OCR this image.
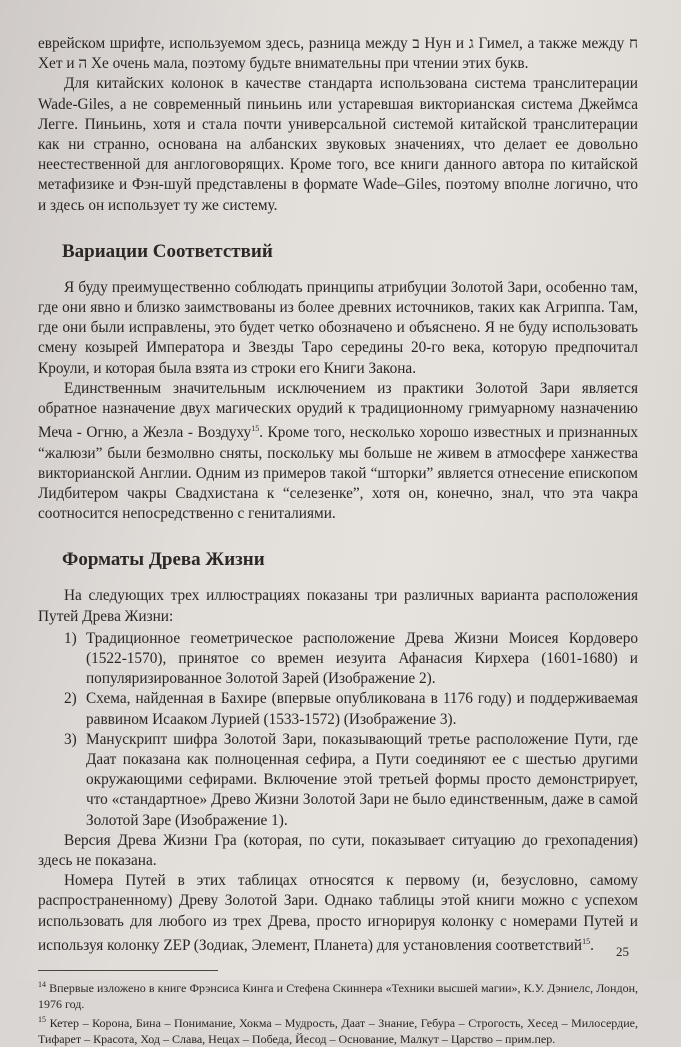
еврейском шрифте, используемом здесь, разница между ב Нун и ג Гимел, а также между ח Хет и ה Хе очень мала, поэтому будьте внимательны при чтении этих букв.

Для китайских колонок в качестве стандарта использована система транслитерации Wade-Giles, а не современный пиньинь или устаревшая викторианская система Джеймса Легге. Пиньинь, хотя и стала почти универсальной системой китайской транслитерации как ни странно, основана на албанских звуковых значениях, что делает ее довольно неестественной для англоговорящих. Кроме того, все книги данного автора по китайской метафизике и Фэн-шуй представлены в формате Wade–Giles, поэтому вполне логично, что и здесь он использует ту же систему.

Вариации Соответствий

Я буду преимущественно соблюдать принципы атрибуции Золотой Зари, особенно там, где они явно и близко заимствованы из более древних источников, таких как Агриппа. Там, где они были исправлены, это будет четко обозначено и объяснено. Я не буду использовать смену козырей Императора и Звезды Таро середины 20-го века, которую предпочитал Кроули, и которая была взята из строки его Книги Закона.

Единственным значительным исключением из практики Золотой Зари является обратное назначение двух магических орудий к традиционному гримуарному назначению Меча - Огню, а Жезла - Воздуху$^{15}$. Кроме того, несколько хорошо известных и признанных “жалюзи” были безмолвно сняты, поскольку мы больше не живем в атмосфере ханжества викторианской Англии. Одним из примеров такой “шторки” является отнесение епископом Лидбитером чакры Свадхистана к “селезенке”, хотя он, конечно, знал, что эта чакра соотносится непосредственно с гениталиями.

Форматы Древа Жизни

На следующих трех иллюстрациях показаны три различных варианта расположения Путей Древа Жизни:

1) Традиционное геометрическое расположение Древа Жизни Моисея Кордоверо (1522-1570), принятое со времен иезуита Афанасия Кирхера (1601-1680) и популяризированное Золотой Зарей (Изображение 2).
2) Схема, найденная в Бахире (впервые опубликована в 1176 году) и поддерживаемая раввином Исааком Лурией (1533-1572) (Изображение 3).
3) Манускрипт шифра Золотой Зари, показывающий третье расположение Пути, где Даат показана как полноценная сефира, а Пути соединяют ее с шестью другими окружающими сефирами. Включение этой третьей формы просто демонстрирует, что «стандартное» Древо Жизни Золотой Зари не было единственным, даже в самой Золотой Заре (Изображение 1).

Версия Древа Жизни Гра (которая, по сути, показывает ситуацию до грехопадения) здесь не показана.

Номера Путей в этих таблицах относятся к первому (и, безусловно, самому распространенному) Древу Золотой Зари. Однако таблицы этой книги можно с успехом использовать для любого из трех Древа, просто игнорируя колонку с номерами Путей и используя колонку ZEP (Зодиак, Элемент, Планета) для установления соответствий$^{15}$.

$^{14}$ Впервые изложено в книге Фрэнсиса Кинга и Стефена Скиннера «Техники высшей магии», К.У. Дэниелс, Лондон, 1976 год.
$^{15}$ Кетер – Корона, Бина – Понимание, Хокма – Мудрость, Даат – Знание, Гебура – Строгость, Хесед – Милосердие, Тифарет – Красота, Ход – Слава, Нецах – Победа, Йесод – Основание, Малкут – Царство – прим.пер.
25
